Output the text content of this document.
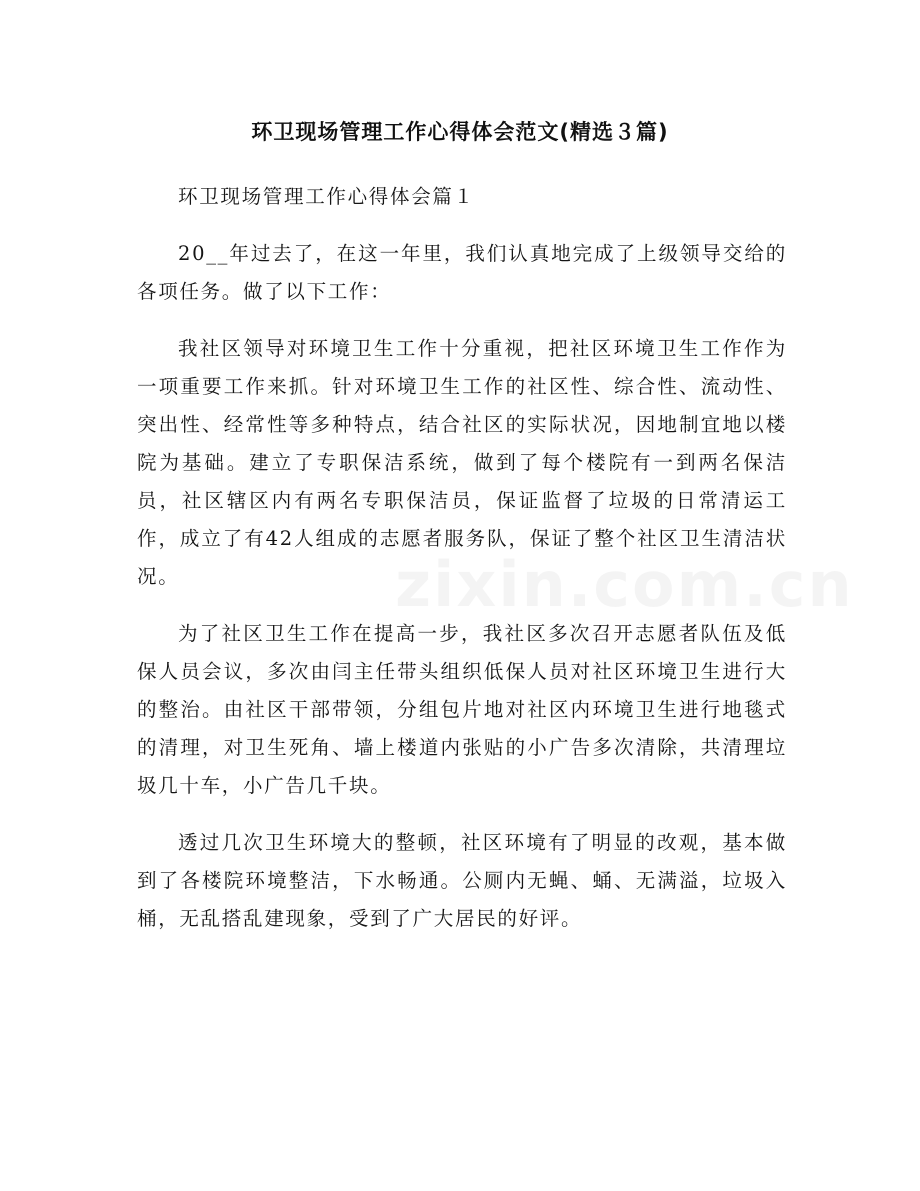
环卫现场管理工作心得体会范文(精选３篇)

环卫现场管理工作心得体会篇１

20__年过去了，在这一年里，我们认真地完成了上级领导交给的各项任务。做了以下工作：

我社区领导对环境卫生工作十分重视，把社区环境卫生工作作为一项重要工作来抓。针对环境卫生工作的社区性、综合性、流动性、突出性、经常性等多种特点，结合社区的实际状况，因地制宜地以楼院为基础。建立了专职保洁系统，做到了每个楼院有一到两名保洁员，社区辖区内有两名专职保洁员，保证监督了垃圾的日常清运工作，成立了有42人组成的志愿者服务队，保证了整个社区卫生清洁状况。

为了社区卫生工作在提高一步，我社区多次召开志愿者队伍及低保人员会议，多次由闫主任带头组织低保人员对社区环境卫生进行大的整治。由社区干部带领，分组包片地对社区内环境卫生进行地毯式的清理，对卫生死角、墙上楼道内张贴的小广告多次清除，共清理垃圾几十车，小广告几千块。

透过几次卫生环境大的整顿，社区环境有了明显的改观，基本做到了各楼院环境整洁，下水畅通。公厕内无蝇、蛹、无满溢，垃圾入桶，无乱搭乱建现象，受到了广大居民的好评。
